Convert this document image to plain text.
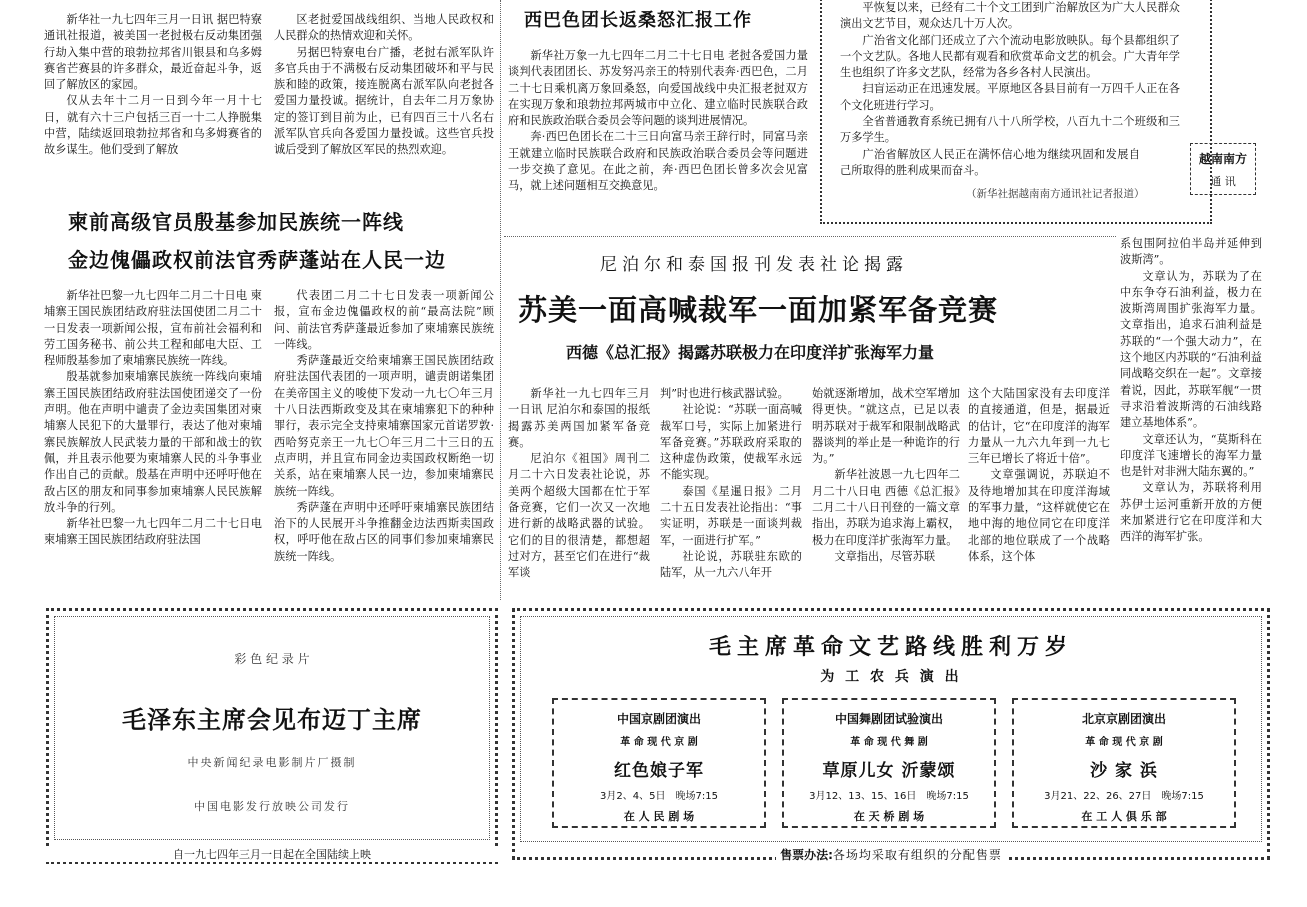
新华社一九七四年三月一日讯 据巴特寮通讯社报道，被美国一老挝极右反动集团强行劫入集中营的琅勃拉邦省川银县和乌多姆赛省芒赛县的许多群众，最近奋起斗争，返回了解放区的家园。

仅从去年十二月一日到今年一月十七日，就有六十三户包括三百一十二人挣脱集中营，陆续返回琅勃拉邦省和乌多姆赛省的故乡谋生。他们受到了解放

区老挝爱国战线组织、当地人民政权和人民群众的热情欢迎和关怀。

另据巴特寮电台广播，老挝右派军队许多官兵由于不满极右反动集团破坏和平与民族和睦的政策，接连脱离右派军队向老挝各爱国力量投诚。据统计，自去年二月万象协定的签订到目前为止，已有四百三十八名右派军队官兵向各爱国力量投诚。这些官兵投诚后受到了解放区军民的热烈欢迎。

柬前高级官员殷基参加民族统一阵线
金边傀儡政权前法官秀萨蓬站在人民一边

新华社巴黎一九七四年二月二十日电 柬埔寨王国民族团结政府驻法国使团二月二十一日发表一项新闻公报，宣布前社会福利和劳工国务秘书、前公共工程和邮电大臣、工程师殷基参加了柬埔寨民族统一阵线。

殷基就参加柬埔寨民族统一阵线向柬埔寨王国民族团结政府驻法国使团递交了一份声明。他在声明中谴责了金边卖国集团对柬埔寨人民犯下的大量罪行，表达了他对柬埔寨民族解放人民武装力量的干部和战士的钦佩，并且表示他要为柬埔寨人民的斗争事业作出自己的贡献。殷基在声明中还呼吁他在敌占区的朋友和同事参加柬埔寨人民民族解放斗争的行列。

新华社巴黎一九七四年二月二十七日电 柬埔寨王国民族团结政府驻法国

代表团二月二十七日发表一项新闻公报，宣布金边傀儡政权的前“最高法院”顾问、前法官秀萨蓬最近参加了柬埔寨民族统一阵线。

秀萨蓬最近交给柬埔寨王国民族团结政府驻法国代表团的一项声明，谴责朗诺集团在美帝国主义的唆使下发动一九七〇年三月十八日法西斯政变及其在柬埔寨犯下的种种罪行，表示完全支持柬埔寨国家元首诺罗敦·西哈努克亲王一九七〇年三月二十三日的五点声明，并且宣布同金边卖国政权断绝一切关系，站在柬埔寨人民一边，参加柬埔寨民族统一阵线。

秀萨蓬在声明中还呼吁柬埔寨民族团结治下的人民展开斗争推翻金边法西斯卖国政权，呼吁他在敌占区的同事们参加柬埔寨民族统一阵线。

西巴色团长返桑怒汇报工作

新华社万象一九七四年二月二十七日电 老挝各爱国力量谈判代表团团长、苏发努冯亲王的特别代表奔·西巴色，二月二十七日乘机离万象回桑怒，向爱国战线中央汇报老挝双方在实现万象和琅勃拉邦两城市中立化、建立临时民族联合政府和民族政治联合委员会等问题的谈判进展情况。

奔·西巴色团长在二十三日向富马亲王辞行时，同富马亲王就建立临时民族联合政府和民族政治联合委员会等问题进一步交换了意见。在此之前，奔·西巴色团长曾多次会见富马，就上述问题相互交换意见。

平恢复以来，已经有二十个文工团到广治解放区为广大人民群众演出文艺节目，观众达几十万人次。

广治省文化部门还成立了六个流动电影放映队。每个县都组织了一个文艺队。各地人民都有观看和欣赏革命文艺的机会。广大青年学生也组织了许多文艺队，经常为各乡各村人民演出。

扫盲运动正在迅速发展。平原地区各县目前有一万四千人正在各个文化班进行学习。

全省普通教育系统已拥有八十八所学校，八百九十二个班级和三万多学生。

广治省解放区人民正在满怀信心地为继续巩固和发展自己所取得的胜利成果而奋斗。

（新华社据越南南方通讯社记者报道）
越南南方
通 讯
尼泊尔和泰国报刊发表社论揭露
苏美一面高喊裁军一面加紧军备竞赛
西德《总汇报》揭露苏联极力在印度洋扩张海军力量

新华社一九七四年三月一日讯 尼泊尔和泰国的报纸揭露苏美两国加紧军备竞赛。

尼泊尔《祖国》周刊二月二十六日发表社论说，苏美两个超级大国都在忙于军备竞赛，它们一次又一次地进行新的战略武器的试验。它们的目的很清楚，都想超过对方，甚至它们在进行“裁军谈

判”时也进行核武器试验。

社论说：“苏联一面高喊裁军口号，实际上加紧进行军备竞赛。”苏联政府采取的这种虚伪政策，使裁军永远不能实现。

泰国《星暹日报》二月二十五日发表社论指出：“事实证明，苏联是一面谈判裁军，一面进行扩军。”

社论说，苏联驻东欧的陆军，从一九六八年开

始就逐渐增加，战术空军增加得更快。“就这点，已足以表明苏联对于裁军和限制战略武器谈判的举止是一种诡诈的行为。”

新华社波恩一九七四年二月二十八日电 西德《总汇报》二月二十八日刊登的一篇文章指出，苏联为追求海上霸权，极力在印度洋扩张海军力量。

文章指出，尽管苏联

这个大陆国家没有去印度洋的直接通道，但是，据最近的估计，它“在印度洋的海军力量从一九六九年到一九七三年已增长了将近十倍”。

文章强调说，苏联迫不及待地增加其在印度洋海域的军事力量，“这样就使它在地中海的地位同它在印度洋北部的地位联成了一个战略体系，这个体

系包围阿拉伯半岛并延伸到波斯湾”。

文章认为，苏联为了在中东争夺石油利益，极力在波斯湾周围扩张海军力量。文章指出，追求石油利益是苏联的“一个强大动力”，在这个地区内苏联的“石油利益同战略交织在一起”。文章接着说，因此，苏联军舰“一贯寻求沿着波斯湾的石油线路建立基地体系”。

文章还认为，“莫斯科在印度洋飞速增长的海军力量也是针对非洲大陆东翼的。”

文章认为，苏联将利用苏伊士运河重新开放的方便来加紧进行它在印度洋和大西洋的海军扩张。

彩 色 纪 录 片
毛泽东主席会见布迈丁主席
中央新闻纪录电影制片厂摄制
中国电影发行放映公司发行
自一九七四年三月一日起在全国陆续上映
毛主席革命文艺路线胜利万岁
为 工 农 兵 演 出
中国京剧团演出
革 命 现 代 京 剧
红色娘子军
3月2、4、5日　晚场7:15
在 人 民 剧 场
中国舞剧团试验演出
革 命 现 代 舞 剧
草原儿女 沂蒙颂
3月12、13、15、16日　晚场7:15
在 天 桥 剧 场
北京京剧团演出
革 命 现 代 京 剧
沙 家 浜
3月21、22、26、27日　晚场7:15
在 工 人 俱 乐 部
售票办法:各场均采取有组织的分配售票
